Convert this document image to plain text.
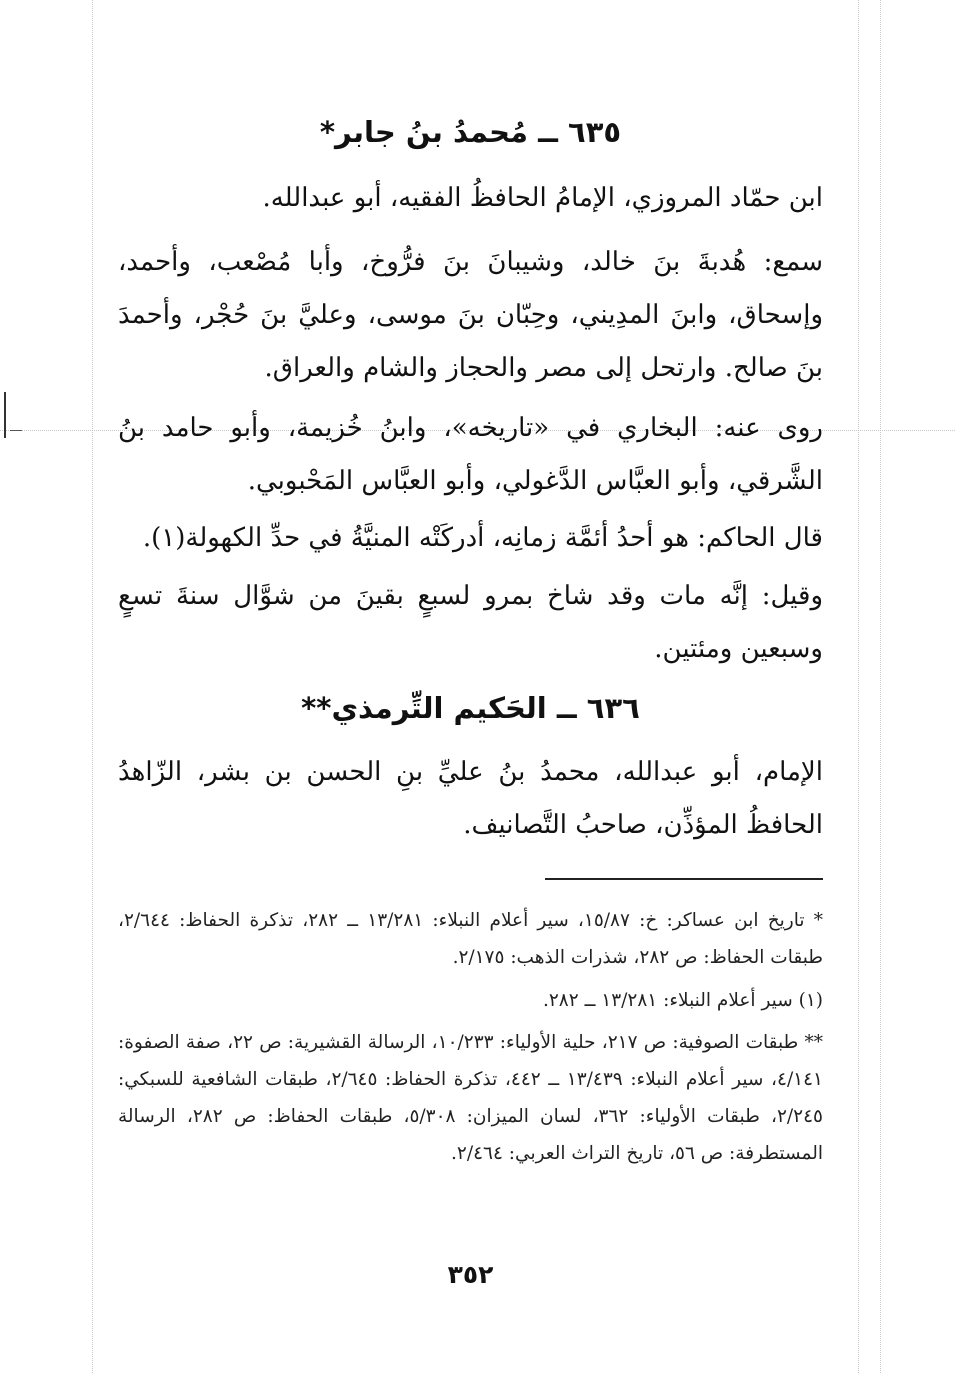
٦٣٥ ــ مُحمدُ بنُ جابر*
ابن حمّاد المروزي، الإمامُ الحافظُ الفقيه، أبو عبدالله.
سمع: هُدبةَ بنَ خالد، وشيبانَ بنَ فرُّوخ، وأبا مُصْعب، وأحمد، وإسحاق، وابنَ المدِيني، وحِبّان بنَ موسى، وعليَّ بنَ حُجْر، وأحمدَ بنَ صالح. وارتحل إلى مصر والحجاز والشام والعراق.
روى عنه: البخاري في «تاريخه»، وابنُ خُزيمة، وأبو حامد بنُ الشَّرقي، وأبو العبَّاس الدَّغولي، وأبو العبَّاس المَحْبوبي.
قال الحاكم: هو أحدُ أئمَّة زمانِه، أدركَتْه المنيَّةُ في حدِّ الكهولة(١).
وقيل: إنَّه مات وقد شاخ بمرو لسبعٍ بقينَ من شوَّال سنةَ تسعٍ وسبعين ومئتين.
٦٣٦ ــ الحَكيم التِّرمذي**
الإمام، أبو عبدالله، محمدُ بنُ عليِّ بنِ الحسن بن بشر، الزّاهدُ الحافظُ المؤذِّن، صاحبُ التَّصانيف.
* تاريخ ابن عساكر: خ: ١٥/٨٧، سير أعلام النبلاء: ١٣/٢٨١ ــ ٢٨٢، تذكرة الحفاظ: ٢/٦٤٤، طبقات الحفاظ: ص ٢٨٢، شذرات الذهب: ٢/١٧٥.
(١) سير أعلام النبلاء: ١٣/٢٨١ ــ ٢٨٢.
** طبقات الصوفية: ص ٢١٧، حلية الأولياء: ١٠/٢٣٣، الرسالة القشيرية: ص ٢٢، صفة الصفوة: ٤/١٤١، سير أعلام النبلاء: ١٣/٤٣٩ ــ ٤٤٢، تذكرة الحفاظ: ٢/٦٤٥، طبقات الشافعية للسبكي: ٢/٢٤٥، طبقات الأولياء: ٣٦٢، لسان الميزان: ٥/٣٠٨، طبقات الحفاظ: ص ٢٨٢، الرسالة المستطرفة: ص ٥٦، تاريخ التراث العربي: ٢/٤٦٤.
٣٥٢
